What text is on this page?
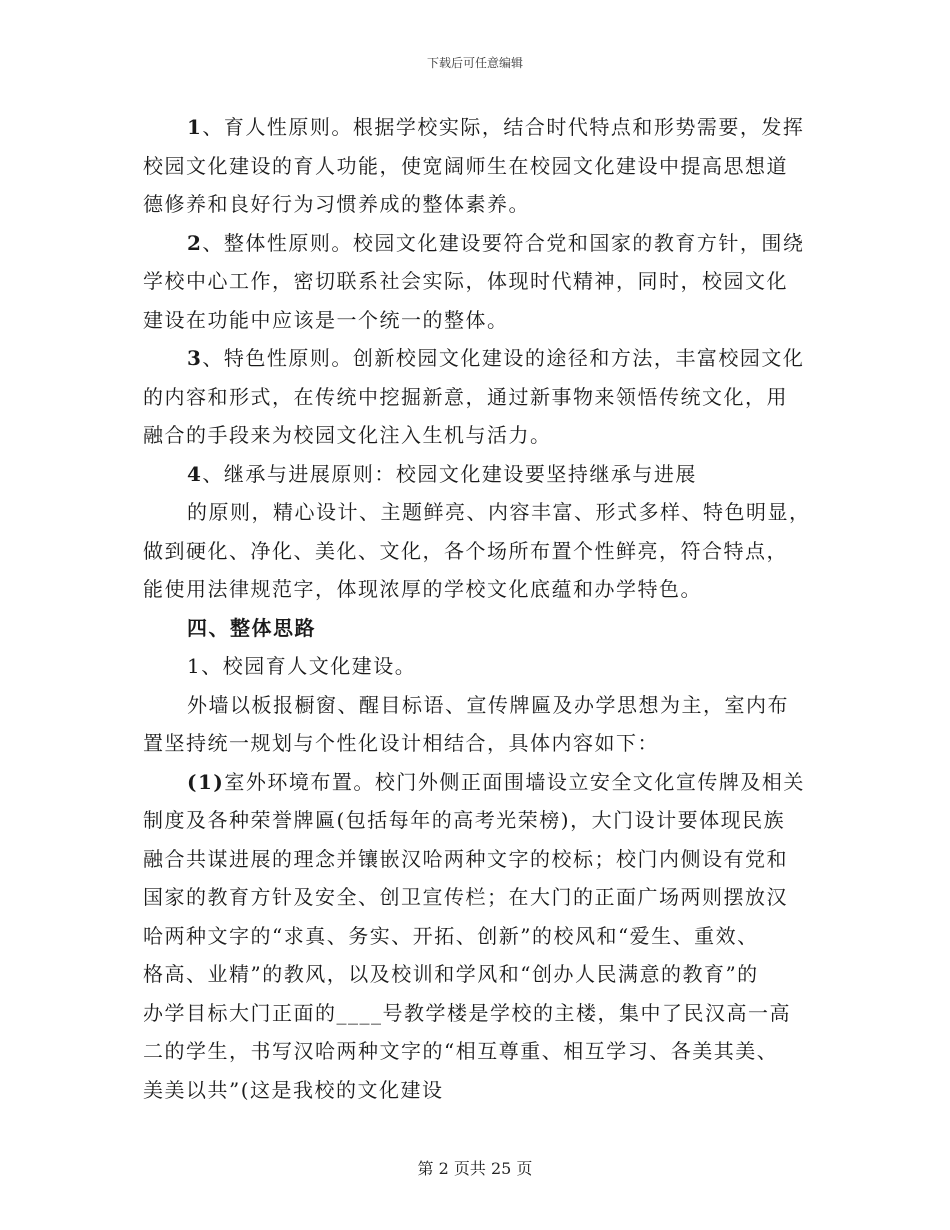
下载后可任意编辑
1、育人性原则。根据学校实际，结合时代特点和形势需要，发挥
校园文化建设的育人功能，使宽阔师生在校园文化建设中提高思想道
德修养和良好行为习惯养成的整体素养。
2、整体性原则。校园文化建设要符合党和国家的教育方针，围绕
学校中心工作，密切联系社会实际，体现时代精神，同时，校园文化
建设在功能中应该是一个统一的整体。
3、特色性原则。创新校园文化建设的途径和方法，丰富校园文化
的内容和形式，在传统中挖掘新意，通过新事物来领悟传统文化，用
融合的手段来为校园文化注入生机与活力。
4、继承与进展原则：校园文化建设要坚持继承与进展
的原则，精心设计、主题鲜亮、内容丰富、形式多样、特色明显，
做到硬化、净化、美化、文化，各个场所布置个性鲜亮，符合特点，
能使用法律规范字，体现浓厚的学校文化底蕴和办学特色。
四、整体思路
1、校园育人文化建设。
外墙以板报橱窗、醒目标语、宣传牌匾及办学思想为主，室内布
置坚持统一规划与个性化设计相结合，具体内容如下：
(1)室外环境布置。校门外侧正面围墙设立安全文化宣传牌及相关
制度及各种荣誉牌匾(包括每年的高考光荣榜)，大门设计要体现民族
融合共谋进展的理念并镶嵌汉哈两种文字的校标；校门内侧设有党和
国家的教育方针及安全、创卫宣传栏；在大门的正面广场两则摆放汉
哈两种文字的“求真、务实、开拓、创新”的校风和“爱生、重效、
格高、业精”的教风，以及校训和学风和“创办人民满意的教育”的
办学目标大门正面的____号教学楼是学校的主楼，集中了民汉高一高
二的学生，书写汉哈两种文字的“相互尊重、相互学习、各美其美、
美美以共”(这是我校的文化建设
第 2 页共 25 页
